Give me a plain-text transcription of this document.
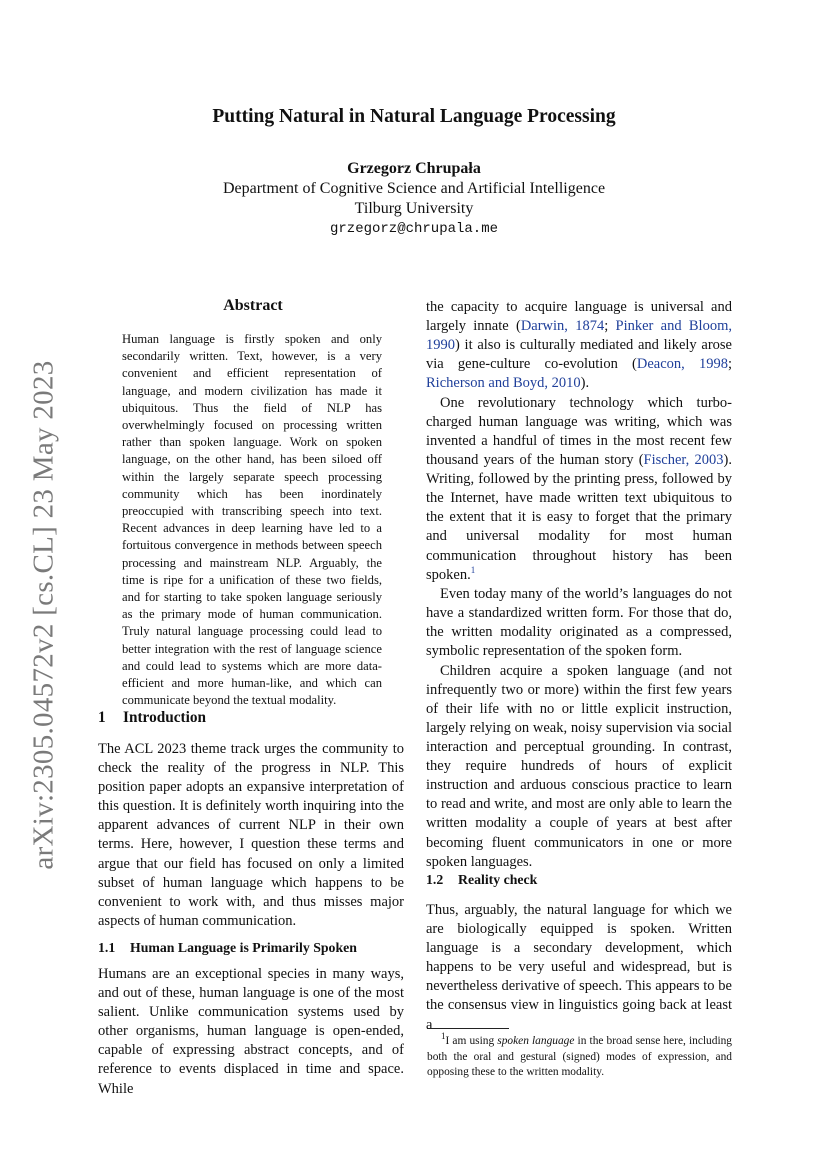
arXiv:2305.04572v2 [cs.CL] 23 May 2023
Putting Natural in Natural Language Processing
Grzegorz Chrupała
Department of Cognitive Science and Artificial Intelligence
Tilburg University
grzegorz@chrupala.me
Abstract
Human language is firstly spoken and only secondarily written. Text, however, is a very convenient and efficient representation of language, and modern civilization has made it ubiquitous. Thus the field of NLP has overwhelmingly focused on processing written rather than spoken language. Work on spoken language, on the other hand, has been siloed off within the largely separate speech processing community which has been inordinately preoccupied with transcribing speech into text. Recent advances in deep learning have led to a fortuitous convergence in methods between speech processing and mainstream NLP. Arguably, the time is ripe for a unification of these two fields, and for starting to take spoken language seriously as the primary mode of human communication. Truly natural language processing could lead to better integration with the rest of language science and could lead to systems which are more data-efficient and more human-like, and which can communicate beyond the textual modality.
1 Introduction

The ACL 2023 theme track urges the community to check the reality of the progress in NLP. This position paper adopts an expansive interpretation of this question. It is definitely worth inquiring into the apparent advances of current NLP in their own terms. Here, however, I question these terms and argue that our field has focused on only a limited subset of human language which happens to be convenient to work with, and thus misses major aspects of human communication.

1.1 Human Language is Primarily Spoken

Humans are an exceptional species in many ways, and out of these, human language is one of the most salient. Unlike communication systems used by other organisms, human language is open-ended, capable of expressing abstract concepts, and of reference to events displaced in time and space. While

the capacity to acquire language is universal and largely innate (Darwin, 1874; Pinker and Bloom, 1990) it also is culturally mediated and likely arose via gene-culture co-evolution (Deacon, 1998; Richerson and Boyd, 2010).

One revolutionary technology which turbo-charged human language was writing, which was invented a handful of times in the most recent few thousand years of the human story (Fischer, 2003). Writing, followed by the printing press, followed by the Internet, have made written text ubiquitous to the extent that it is easy to forget that the primary and universal modality for most human communication throughout history has been spoken.$^1$

Even today many of the world’s languages do not have a standardized written form. For those that do, the written modality originated as a compressed, symbolic representation of the spoken form.

Children acquire a spoken language (and not infrequently two or more) within the first few years of their life with no or little explicit instruction, largely relying on weak, noisy supervision via social interaction and perceptual grounding. In contrast, they require hundreds of hours of explicit instruction and arduous conscious practice to learn to read and write, and most are only able to learn the written modality a couple of years at best after becoming fluent communicators in one or more spoken languages.

1.2 Reality check

Thus, arguably, the natural language for which we are biologically equipped is spoken. Written language is a secondary development, which happens to be very useful and widespread, but is nevertheless derivative of speech. This appears to be the consensus view in linguistics going back at least a

$^1$I am using spoken language in the broad sense here, including both the oral and gestural (signed) modes of expression, and opposing these to the written modality.
